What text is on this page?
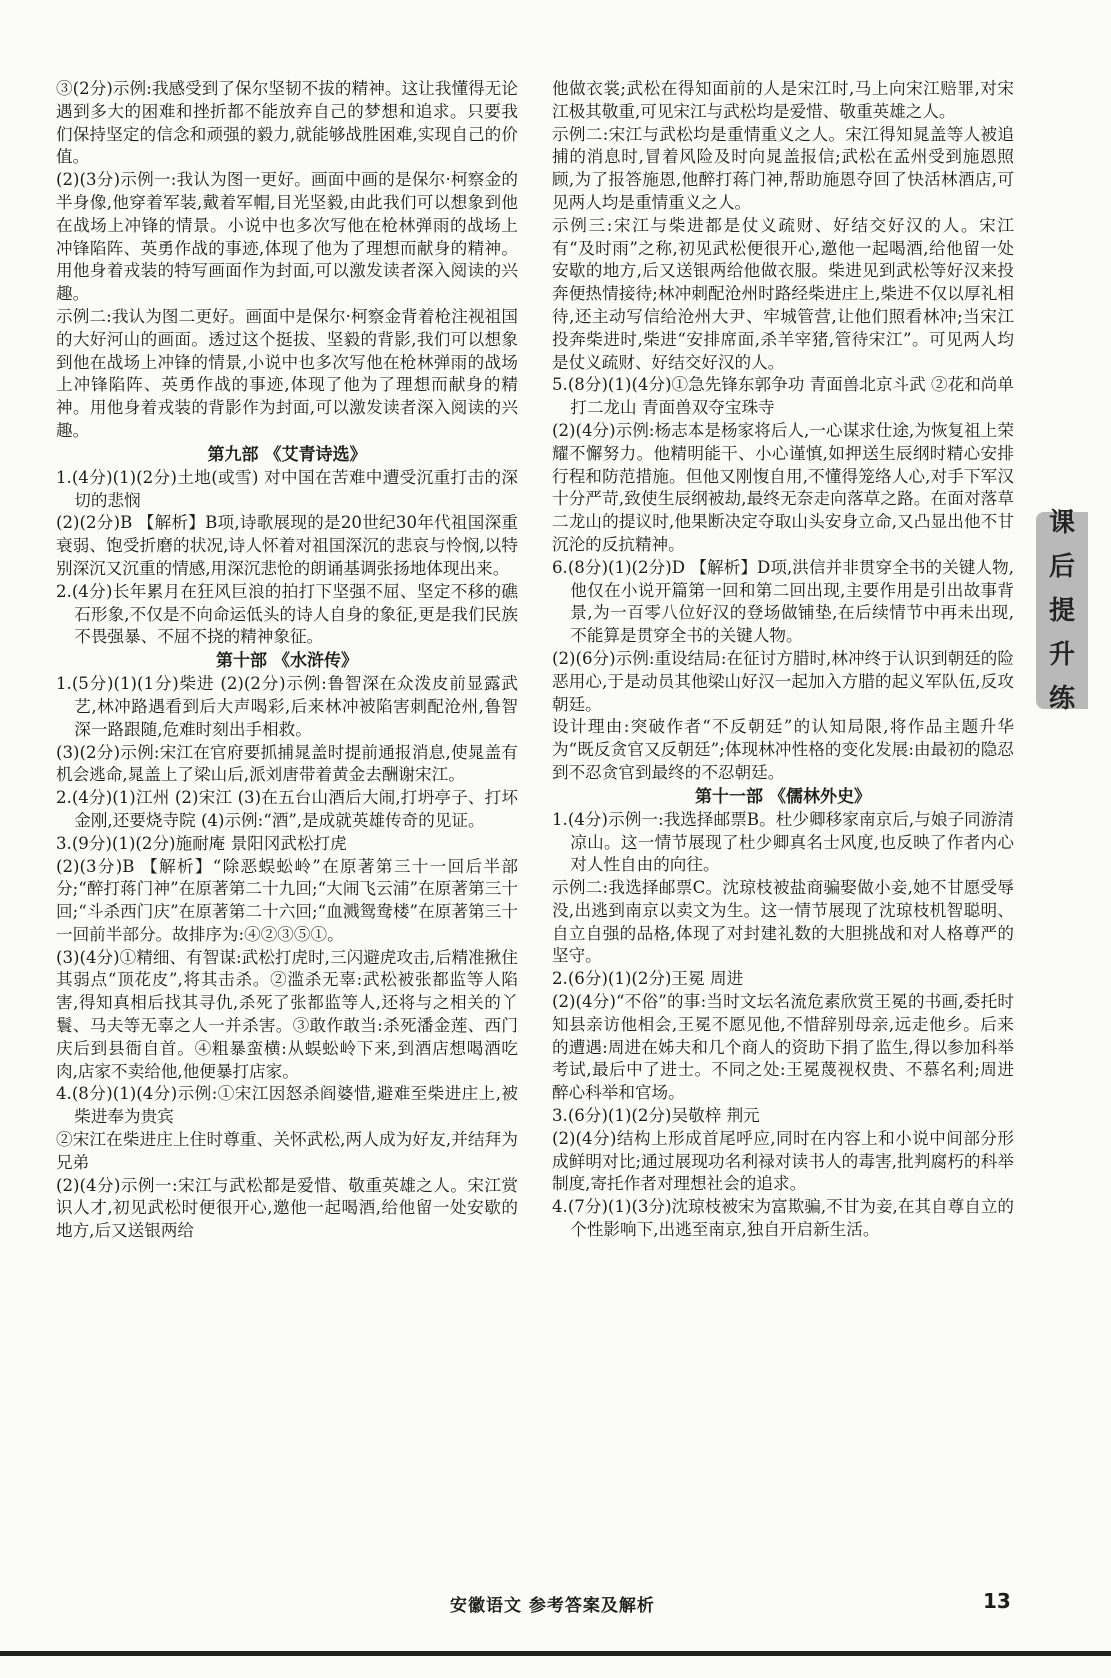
③(2分)示例:我感受到了保尔坚韧不拔的精神。这让我懂得无论遇到多大的困难和挫折都不能放弃自己的梦想和追求。只要我们保持坚定的信念和顽强的毅力,就能够战胜困难,实现自己的价值。

(2)(3分)示例一:我认为图一更好。画面中画的是保尔·柯察金的半身像,他穿着军装,戴着军帽,目光坚毅,由此我们可以想象到他在战场上冲锋的情景。小说中也多次写他在枪林弹雨的战场上冲锋陷阵、英勇作战的事迹,体现了他为了理想而献身的精神。用他身着戎装的特写画面作为封面,可以激发读者深入阅读的兴趣。

示例二:我认为图二更好。画面中是保尔·柯察金背着枪注视祖国的大好河山的画面。透过这个挺拔、坚毅的背影,我们可以想象到他在战场上冲锋的情景,小说中也多次写他在枪林弹雨的战场上冲锋陷阵、英勇作战的事迹,体现了他为了理想而献身的精神。用他身着戎装的背影作为封面,可以激发读者深入阅读的兴趣。

第九部 《艾青诗选》

1.(4分)(1)(2分)土地(或雪) 对中国在苦难中遭受沉重打击的深切的悲悯

(2)(2分)B 【解析】B项,诗歌展现的是20世纪30年代祖国深重衰弱、饱受折磨的状况,诗人怀着对祖国深沉的悲哀与怜悯,以特别深沉又沉重的情感,用深沉悲怆的朗诵基调张扬地体现出来。

2.(4分)长年累月在狂风巨浪的拍打下坚强不屈、坚定不移的礁石形象,不仅是不向命运低头的诗人自身的象征,更是我们民族不畏强暴、不屈不挠的精神象征。

第十部 《水浒传》

1.(5分)(1)(1分)柴进 (2)(2分)示例:鲁智深在众泼皮前显露武艺,林冲路遇看到后大声喝彩,后来林冲被陷害刺配沧州,鲁智深一路跟随,危难时刻出手相救。

(3)(2分)示例:宋江在官府要抓捕晁盖时提前通报消息,使晁盖有机会逃命,晁盖上了梁山后,派刘唐带着黄金去酬谢宋江。

2.(4分)(1)江州 (2)宋江 (3)在五台山酒后大闹,打坍亭子、打坏金刚,还要烧寺院 (4)示例:“酒”,是成就英雄传奇的见证。

3.(9分)(1)(2分)施耐庵 景阳冈武松打虎

(2)(3分)B 【解析】“除恶蜈蚣岭”在原著第三十一回后半部分;“醉打蒋门神”在原著第二十九回;“大闹飞云浦”在原著第三十回;“斗杀西门庆”在原著第二十六回;“血溅鸳鸯楼”在原著第三十一回前半部分。故排序为:④②③⑤①。

(3)(4分)①精细、有智谋:武松打虎时,三闪避虎攻击,后精准揪住其弱点“顶花皮”,将其击杀。②滥杀无辜:武松被张都监等人陷害,得知真相后找其寻仇,杀死了张都监等人,还将与之相关的丫鬟、马夫等无辜之人一并杀害。③敢作敢当:杀死潘金莲、西门庆后到县衙自首。④粗暴蛮横:从蜈蚣岭下来,到酒店想喝酒吃肉,店家不卖给他,他便暴打店家。

4.(8分)(1)(4分)示例:①宋江因怒杀阎婆惜,避难至柴进庄上,被柴进奉为贵宾

②宋江在柴进庄上住时尊重、关怀武松,两人成为好友,并结拜为兄弟

(2)(4分)示例一:宋江与武松都是爱惜、敬重英雄之人。宋江赏识人才,初见武松时便很开心,邀他一起喝酒,给他留一处安歇的地方,后又送银两给

他做衣裳;武松在得知面前的人是宋江时,马上向宋江赔罪,对宋江极其敬重,可见宋江与武松均是爱惜、敬重英雄之人。

示例二:宋江与武松均是重情重义之人。宋江得知晁盖等人被追捕的消息时,冒着风险及时向晁盖报信;武松在孟州受到施恩照顾,为了报答施恩,他醉打蒋门神,帮助施恩夺回了快活林酒店,可见两人均是重情重义之人。

示例三:宋江与柴进都是仗义疏财、好结交好汉的人。宋江有“及时雨”之称,初见武松便很开心,邀他一起喝酒,给他留一处安歇的地方,后又送银两给他做衣服。柴进见到武松等好汉来投奔便热情接待;林冲刺配沧州时路经柴进庄上,柴进不仅以厚礼相待,还主动写信给沧州大尹、牢城管营,让他们照看林冲;当宋江投奔柴进时,柴进“安排席面,杀羊宰猪,管待宋江”。可见两人均是仗义疏财、好结交好汉的人。

5.(8分)(1)(4分)①急先锋东郭争功 青面兽北京斗武 ②花和尚单打二龙山 青面兽双夺宝珠寺

(2)(4分)示例:杨志本是杨家将后人,一心谋求仕途,为恢复祖上荣耀不懈努力。他精明能干、小心谨慎,如押送生辰纲时精心安排行程和防范措施。但他又刚愎自用,不懂得笼络人心,对手下军汉十分严苛,致使生辰纲被劫,最终无奈走向落草之路。在面对落草二龙山的提议时,他果断决定夺取山头安身立命,又凸显出他不甘沉沦的反抗精神。

6.(8分)(1)(2分)D 【解析】D项,洪信并非贯穿全书的关键人物,他仅在小说开篇第一回和第二回出现,主要作用是引出故事背景,为一百零八位好汉的登场做铺垫,在后续情节中再未出现,不能算是贯穿全书的关键人物。

(2)(6分)示例:重设结局:在征讨方腊时,林冲终于认识到朝廷的险恶用心,于是动员其他梁山好汉一起加入方腊的起义军队伍,反攻朝廷。

设计理由:突破作者“不反朝廷”的认知局限,将作品主题升华为“既反贪官又反朝廷”;体现林冲性格的变化发展:由最初的隐忍到不忍贪官到最终的不忍朝廷。

第十一部 《儒林外史》

1.(4分)示例一:我选择邮票B。杜少卿移家南京后,与娘子同游清凉山。这一情节展现了杜少卿真名士风度,也反映了作者内心对人性自由的向往。

示例二:我选择邮票C。沈琼枝被盐商骗娶做小妾,她不甘愿受辱没,出逃到南京以卖文为生。这一情节展现了沈琼枝机智聪明、自立自强的品格,体现了对封建礼数的大胆挑战和对人格尊严的坚守。

2.(6分)(1)(2分)王冕 周进

(2)(4分)“不俗”的事:当时文坛名流危素欣赏王冕的书画,委托时知县亲访他相会,王冕不愿见他,不惜辞别母亲,远走他乡。后来的遭遇:周进在姊夫和几个商人的资助下捐了监生,得以参加科举考试,最后中了进士。不同之处:王冕蔑视权贵、不慕名利;周进醉心科举和官场。

3.(6分)(1)(2分)吴敬梓 荆元

(2)(4分)结构上形成首尾呼应,同时在内容上和小说中间部分形成鲜明对比;通过展现功名利禄对读书人的毒害,批判腐朽的科举制度,寄托作者对理想社会的追求。

4.(7分)(1)(3分)沈琼枝被宋为富欺骗,不甘为妾,在其自尊自立的个性影响下,出逃至南京,独自开启新生活。

课
后
提
升
练
安徽语文 参考答案及解析	13
